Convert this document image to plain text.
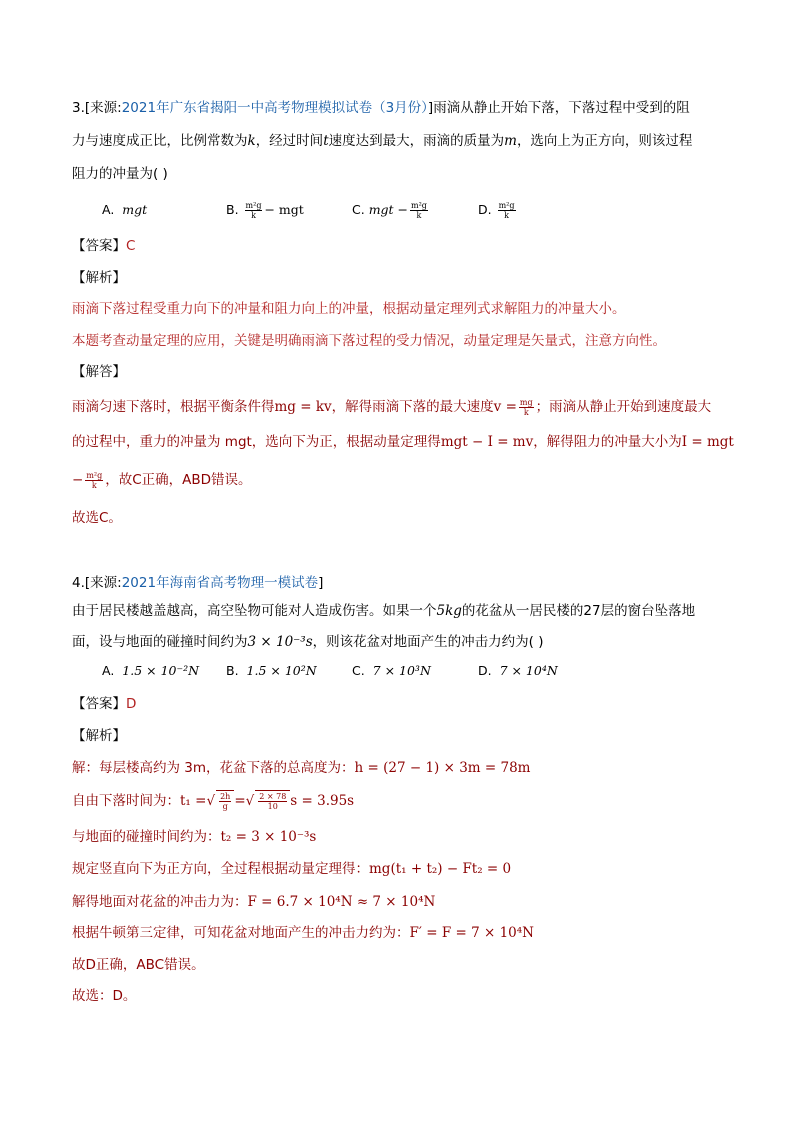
3.[来源:2021年广东省揭阳一中高考物理模拟试卷（3月份）]雨滴从静止开始下落，下落过程中受到的阻
力与速度成正比，比例常数为k，经过时间t速度达到最大，雨滴的质量为m，选向上为正方向，则该过程
阻力的冲量为( )
A. mgt	B. $\frac{\text{m²g}}{k}$ − mgt	C. mgt − $\frac{\text{m²g}}{k}$	D. $\frac{\text{m²g}}{k}$
【答案】C
【解析】
雨滴下落过程受重力向下的冲量和阻力向上的冲量，根据动量定理列式求解阻力的冲量大小。
本题考查动量定理的应用，关键是明确雨滴下落过程的受力情况，动量定理是矢量式，注意方向性。
【解答】
雨滴匀速下落时，根据平衡条件得mg = kv，解得雨滴下落的最大速度$v = \frac{mg}{k}$ ；雨滴从静止开始到速度最大
的过程中，重力的冲量为 mgt，选向下为正，根据动量定理得mgt − I = mv，解得阻力的冲量大小为I = mgt
− $\frac{\text{m²g}}{k}$ ，故C正确，ABD错误。
故选C。
4.[来源:2021年海南省高考物理一模试卷]
由于居民楼越盖越高，高空坠物可能对人造成伤害。如果一个5kg的花盆从一居民楼的27层的窗台坠落地
面，设与地面的碰撞时间约为3 × 10⁻³s，则该花盆对地面产生的冲击力约为( )
A. 1.5 × 10⁻²N B. 1.5 × 10²N	C. 7 × 10³N	D. 7 × 10⁴N
【答案】D
【解析】
解：每层楼高约为 3m，花盆下落的总高度为：h = (27 − 1) × 3m = 78m
自由下落时间为：t₁ =√ $\frac{2h}{g}$ =√ $\frac{2 \times 78}{10}$ s = 3.95s
与地面的碰撞时间约为：t₂ = 3 × 10⁻³s
规定竖直向下为正方向，全过程根据动量定理得：mg(t₁ + t₂) − Ft₂ = 0
解得地面对花盆的冲击力为：F = 6.7 × 10⁴N ≈ 7 × 10⁴N
根据牛顿第三定律，可知花盆对地面产生的冲击力约为：F′ = F = 7 × 10⁴N
故D正确，ABC错误。
故选：D。
